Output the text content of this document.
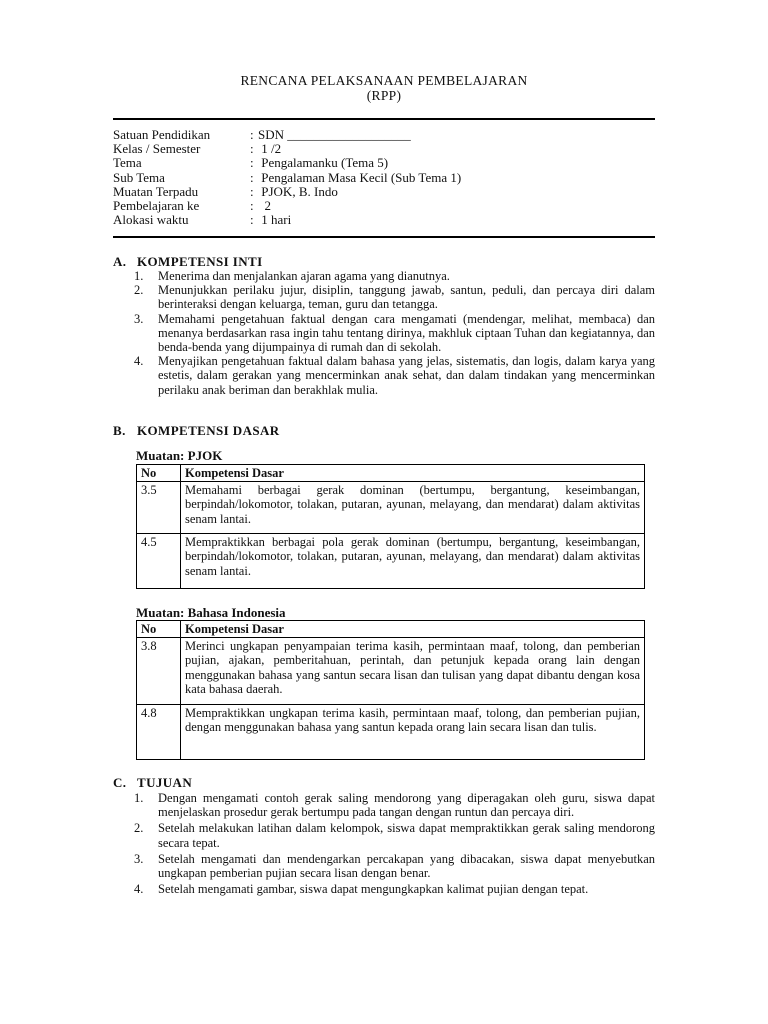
RENCANA PELAKSANAAN PEMBELAJARAN
(RPP)
Satuan Pendidikan	: SDN ___________________
Kelas / Semester	: 1 /2
Tema	: Pengalamanku (Tema 5)
Sub Tema	: Pengalaman Masa Kecil (Sub Tema 1)
Muatan Terpadu	: PJOK, B. Indo
Pembelajaran ke	: 2
Alokasi waktu	: 1 hari
A. KOMPETENSI INTI
1.	Menerima dan menjalankan ajaran agama yang dianutnya.
2.	Menunjukkan perilaku jujur, disiplin, tanggung jawab, santun, peduli, dan percaya diri dalam berinteraksi dengan keluarga, teman, guru dan tetangga.
3.	Memahami pengetahuan faktual dengan cara mengamati (mendengar, melihat, membaca) dan menanya berdasarkan rasa ingin tahu tentang dirinya, makhluk ciptaan Tuhan dan kegiatannya, dan benda-benda yang dijumpainya di rumah dan di sekolah.
4.	Menyajikan pengetahuan faktual dalam bahasa yang jelas, sistematis, dan logis, dalam karya yang estetis, dalam gerakan yang mencerminkan anak sehat, dan dalam tindakan yang mencerminkan perilaku anak beriman dan berakhlak mulia.
B. KOMPETENSI DASAR
Muatan: PJOK
No	Kompetensi Dasar
3.5	Memahami berbagai gerak dominan (bertumpu, bergantung, keseimbangan, berpindah/lokomotor, tolakan, putaran, ayunan, melayang, dan mendarat) dalam aktivitas senam lantai.
4.5	Mempraktikkan berbagai pola gerak dominan (bertumpu, bergantung, keseimbangan, berpindah/lokomotor, tolakan, putaran, ayunan, melayang, dan mendarat) dalam aktivitas senam lantai.
Muatan: Bahasa Indonesia
No	Kompetensi Dasar
3.8	Merinci ungkapan penyampaian terima kasih, permintaan maaf, tolong, dan pemberian pujian, ajakan, pemberitahuan, perintah, dan petunjuk kepada orang lain dengan menggunakan bahasa yang santun secara lisan dan tulisan yang dapat dibantu dengan kosa kata bahasa daerah.
4.8	Mempraktikkan ungkapan terima kasih, permintaan maaf, tolong, dan pemberian pujian, dengan menggunakan bahasa yang santun kepada orang lain secara lisan dan tulis.
C. TUJUAN
1.	Dengan mengamati contoh gerak saling mendorong yang diperagakan oleh guru, siswa dapat menjelaskan prosedur gerak bertumpu pada tangan dengan runtun dan percaya diri.
2.	Setelah melakukan latihan dalam kelompok, siswa dapat mempraktikkan gerak saling mendorong secara tepat.
3.	Setelah mengamati dan mendengarkan percakapan yang dibacakan, siswa dapat menyebutkan ungkapan pemberian pujian secara lisan dengan benar.
4.	Setelah mengamati gambar, siswa dapat mengungkapkan kalimat pujian dengan tepat.
